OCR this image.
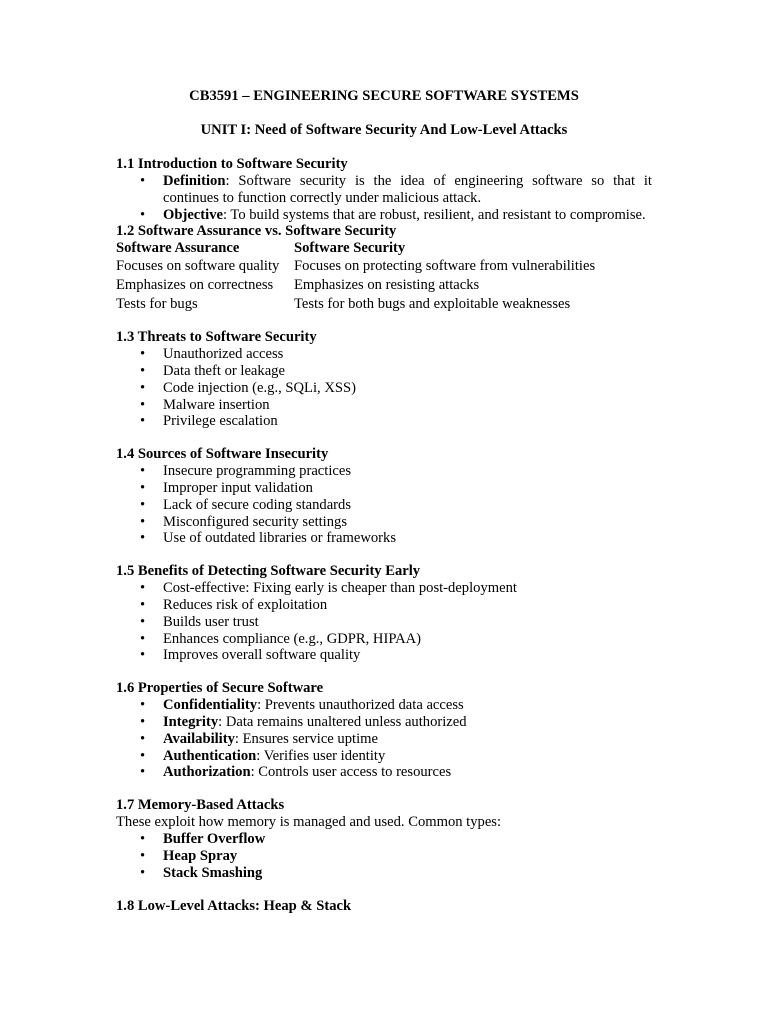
CB3591 – ENGINEERING SECURE SOFTWARE SYSTEMS

UNIT I: Need of Software Security And Low-Level Attacks

1.1 Introduction to Software Security

• Definition: Software security is the idea of engineering software so that it continues to function correctly under malicious attack.
• Objective: To build systems that are robust, resilient, and resistant to compromise.

1.2 Software Assurance vs. Software Security

Software Assurance	Software Security
Focuses on software quality	Focuses on protecting software from vulnerabilities
Emphasizes on correctness	Emphasizes on resisting attacks
Tests for bugs	Tests for both bugs and exploitable weaknesses

1.3 Threats to Software Security

• Unauthorized access
• Data theft or leakage
• Code injection (e.g., SQLi, XSS)
• Malware insertion
• Privilege escalation

1.4 Sources of Software Insecurity

• Insecure programming practices
• Improper input validation
• Lack of secure coding standards
• Misconfigured security settings
• Use of outdated libraries or frameworks

1.5 Benefits of Detecting Software Security Early

• Cost-effective: Fixing early is cheaper than post-deployment
• Reduces risk of exploitation
• Builds user trust
• Enhances compliance (e.g., GDPR, HIPAA)
• Improves overall software quality

1.6 Properties of Secure Software

• Confidentiality: Prevents unauthorized data access
• Integrity: Data remains unaltered unless authorized
• Availability: Ensures service uptime
• Authentication: Verifies user identity
• Authorization: Controls user access to resources

1.7 Memory-Based Attacks

These exploit how memory is managed and used. Common types:

• Buffer Overflow
• Heap Spray
• Stack Smashing

1.8 Low-Level Attacks: Heap & Stack
